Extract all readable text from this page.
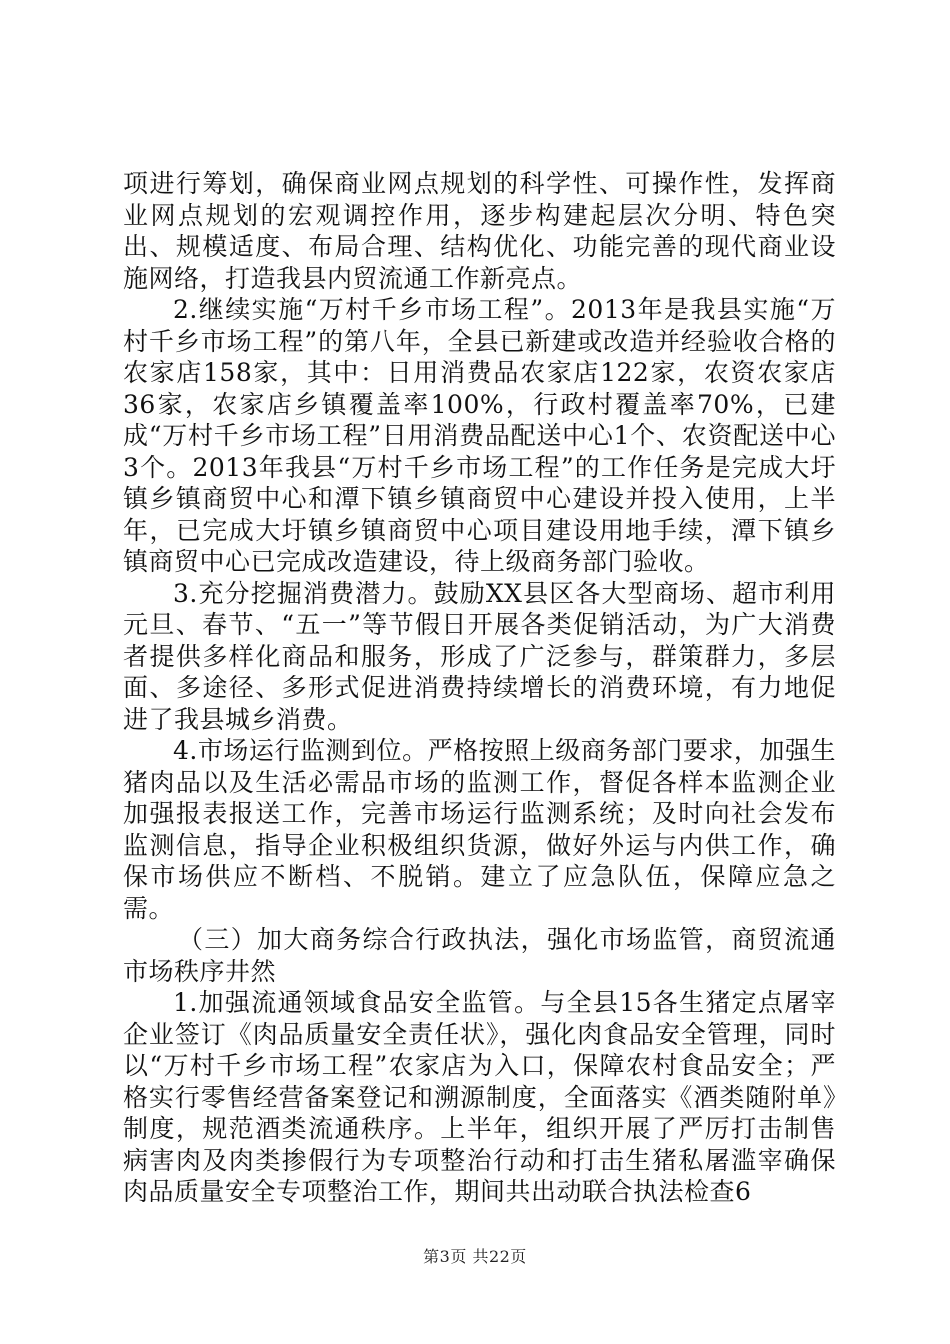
项进行筹划，确保商业网点规划的科学性、可操作性，发挥商业网点规划的宏观调控作用，逐步构建起层次分明、特色突出、规模适度、布局合理、结构优化、功能完善的现代商业设施网络，打造我县内贸流通工作新亮点。

2.继续实施“万村千乡市场工程”。2013年是我县实施“万村千乡市场工程”的第八年，全县已新建或改造并经验收合格的农家店158家，其中：日用消费品农家店122家，农资农家店36家，农家店乡镇覆盖率100%，行政村覆盖率70%，已建成“万村千乡市场工程”日用消费品配送中心1个、农资配送中心3个。2013年我县“万村千乡市场工程”的工作任务是完成大圩镇乡镇商贸中心和潭下镇乡镇商贸中心建设并投入使用，上半年，已完成大圩镇乡镇商贸中心项目建设用地手续，潭下镇乡镇商贸中心已完成改造建设，待上级商务部门验收。

3.充分挖掘消费潜力。鼓励XX县区各大型商场、超市利用元旦、春节、“五一”等节假日开展各类促销活动，为广大消费者提供多样化商品和服务，形成了广泛参与，群策群力，多层面、多途径、多形式促进消费持续增长的消费环境，有力地促进了我县城乡消费。

4.市场运行监测到位。严格按照上级商务部门要求，加强生猪肉品以及生活必需品市场的监测工作，督促各样本监测企业加强报表报送工作，完善市场运行监测系统；及时向社会发布监测信息，指导企业积极组织货源，做好外运与内供工作，确保市场供应不断档、不脱销。建立了应急队伍，保障应急之需。

（三）加大商务综合行政执法，强化市场监管，商贸流通市场秩序井然

1.加强流通领域食品安全监管。与全县15各生猪定点屠宰企业签订《肉品质量安全责任状》，强化肉食品安全管理，同时以“万村千乡市场工程”农家店为入口，保障农村食品安全；严格实行零售经营备案登记和溯源制度，全面落实《酒类随附单》制度，规范酒类流通秩序。上半年，组织开展了严厉打击制售病害肉及肉类掺假行为专项整治行动和打击生猪私屠滥宰确保肉品质量安全专项整治工作，期间共出动联合执法检查6

第3页 共22页
